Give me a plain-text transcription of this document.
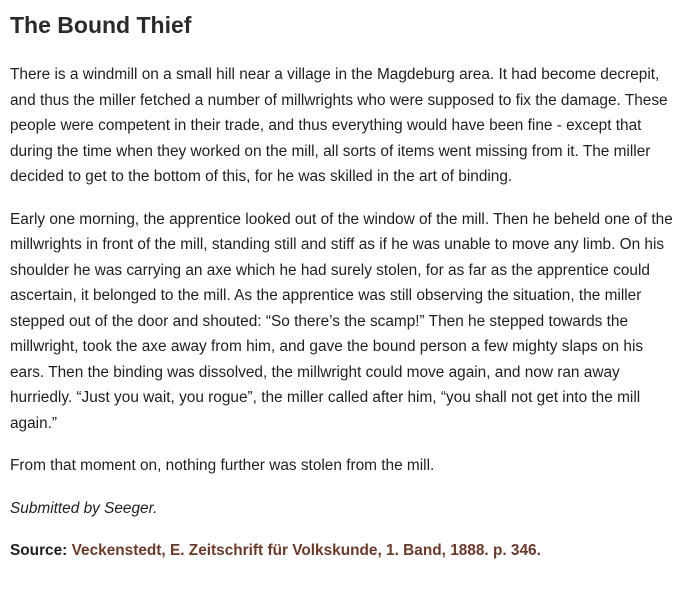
The Bound Thief

There is a windmill on a small hill near a village in the Magdeburg area. It had become decrepit, and thus the miller fetched a number of millwrights who were supposed to fix the damage. These people were competent in their trade, and thus everything would have been fine - except that during the time when they worked on the mill, all sorts of items went missing from it. The miller decided to get to the bottom of this, for he was skilled in the art of binding.

Early one morning, the apprentice looked out of the window of the mill. Then he beheld one of the millwrights in front of the mill, standing still and stiff as if he was unable to move any limb. On his shoulder he was carrying an axe which he had surely stolen, for as far as the apprentice could ascertain, it belonged to the mill. As the apprentice was still observing the situation, the miller stepped out of the door and shouted: “So there’s the scamp!” Then he stepped towards the millwright, took the axe away from him, and gave the bound person a few mighty slaps on his ears. Then the binding was dissolved, the millwright could move again, and now ran away hurriedly. “Just you wait, you rogue”, the miller called after him, “you shall not get into the mill again.”

From that moment on, nothing further was stolen from the mill.

Submitted by Seeger.

Source: Veckenstedt, E. Zeitschrift für Volkskunde, 1. Band, 1888. p. 346.
